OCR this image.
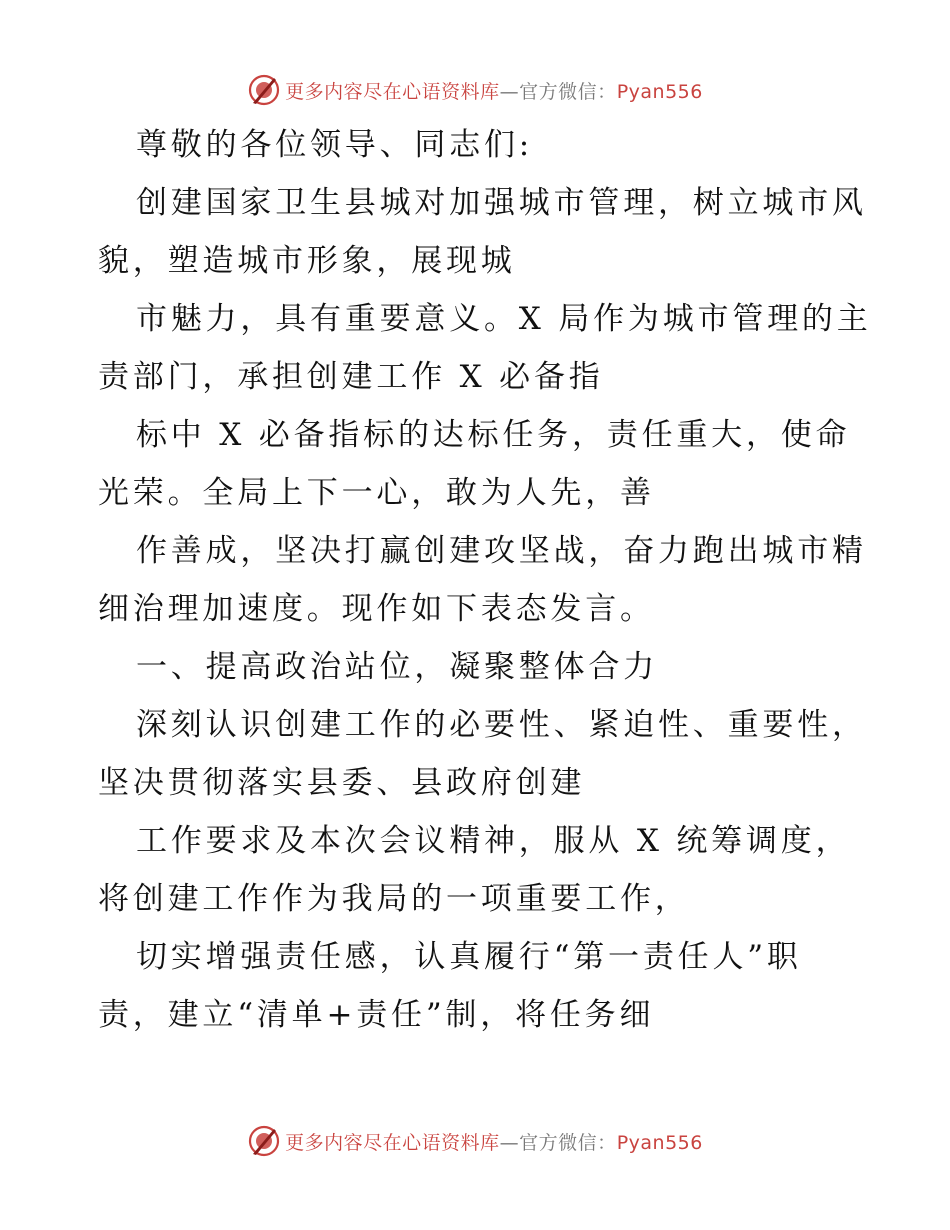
更多内容尽在心语资料库—官方微信：Pyan556
尊敬的各位领导、同志们:
创建国家卫生县城对加强城市管理，树立城市风
貌，塑造城市形象，展现城
市魅力，具有重要意义。X 局作为城市管理的主
责部门，承担创建工作 X 必备指
标中 X 必备指标的达标任务，责任重大，使命
光荣。全局上下一心，敢为人先，善
作善成，坚决打赢创建攻坚战，奋力跑出城市精
细治理加速度。现作如下表态发言。
一、提高政治站位，凝聚整体合力
深刻认识创建工作的必要性、紧迫性、重要性，
坚决贯彻落实县委、县政府创建
工作要求及本次会议精神，服从 X 统筹调度，
将创建工作作为我局的一项重要工作，
切实增强责任感，认真履行“第一责任人”职
责，建立“清单+责任”制，将任务细
更多内容尽在心语资料库—官方微信：Pyan556
